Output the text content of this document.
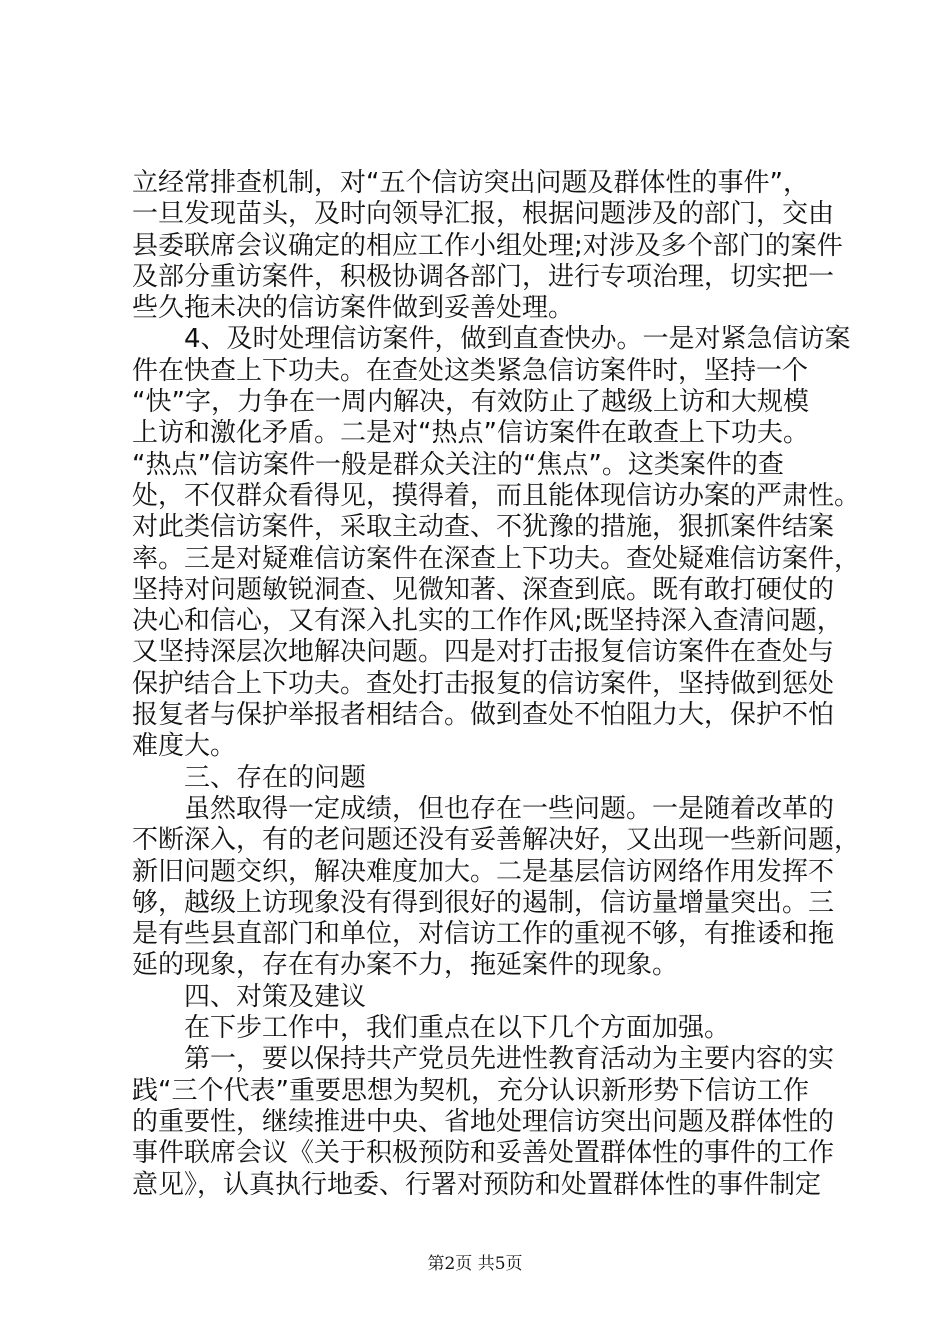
立经常排查机制，对“五个信访突出问题及群体性的事件”，
一旦发现苗头，及时向领导汇报，根据问题涉及的部门，交由
县委联席会议确定的相应工作小组处理;对涉及多个部门的案件
及部分重访案件，积极协调各部门，进行专项治理，切实把一
些久拖未决的信访案件做到妥善处理。
4、及时处理信访案件，做到直查快办。一是对紧急信访案
件在快查上下功夫。在查处这类紧急信访案件时，坚持一个
“快”字，力争在一周内解决，有效防止了越级上访和大规模
上访和激化矛盾。二是对“热点”信访案件在敢查上下功夫。
“热点”信访案件一般是群众关注的“焦点”。这类案件的查
处，不仅群众看得见，摸得着，而且能体现信访办案的严肃性。
对此类信访案件，采取主动查、不犹豫的措施，狠抓案件结案
率。三是对疑难信访案件在深查上下功夫。查处疑难信访案件，
坚持对问题敏锐洞查、见微知著、深查到底。既有敢打硬仗的
决心和信心，又有深入扎实的工作作风;既坚持深入查清问题，
又坚持深层次地解决问题。四是对打击报复信访案件在查处与
保护结合上下功夫。查处打击报复的信访案件，坚持做到惩处
报复者与保护举报者相结合。做到查处不怕阻力大，保护不怕
难度大。
三、存在的问题
虽然取得一定成绩，但也存在一些问题。一是随着改革的
不断深入，有的老问题还没有妥善解决好，又出现一些新问题，
新旧问题交织，解决难度加大。二是基层信访网络作用发挥不
够，越级上访现象没有得到很好的遏制，信访量增量突出。三
是有些县直部门和单位，对信访工作的重视不够，有推诿和拖
延的现象，存在有办案不力，拖延案件的现象。
四、对策及建议
在下步工作中，我们重点在以下几个方面加强。
第一，要以保持共产党员先进性教育活动为主要内容的实
践“三个代表”重要思想为契机，充分认识新形势下信访工作
的重要性，继续推进中央、省地处理信访突出问题及群体性的
事件联席会议《关于积极预防和妥善处置群体性的事件的工作
意见》，认真执行地委、行署对预防和处置群体性的事件制定
第2页 共5页
